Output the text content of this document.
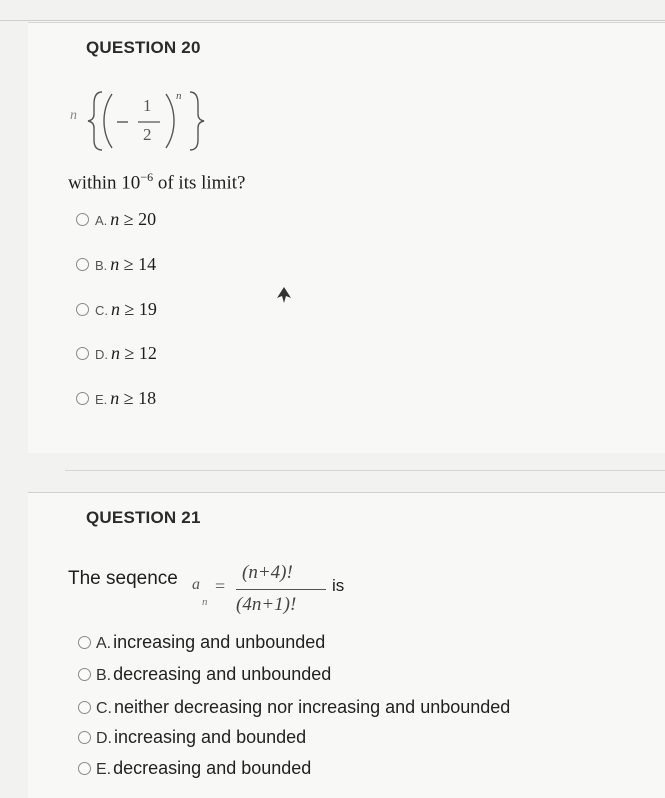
QUESTION 20
n
1
2
n
within $10^{-6}$ of its limit?
A. n ≥ 20
B. n ≥ 14
C. n ≥ 19
D. n ≥ 12
E. n ≥ 18
QUESTION 21
The seqence a
n
=
(n+4)!
(4n+1)!
is
A. increasing and unbounded
B. decreasing and unbounded
C. neither decreasing nor increasing and unbounded
D. increasing and bounded
E. decreasing and bounded
